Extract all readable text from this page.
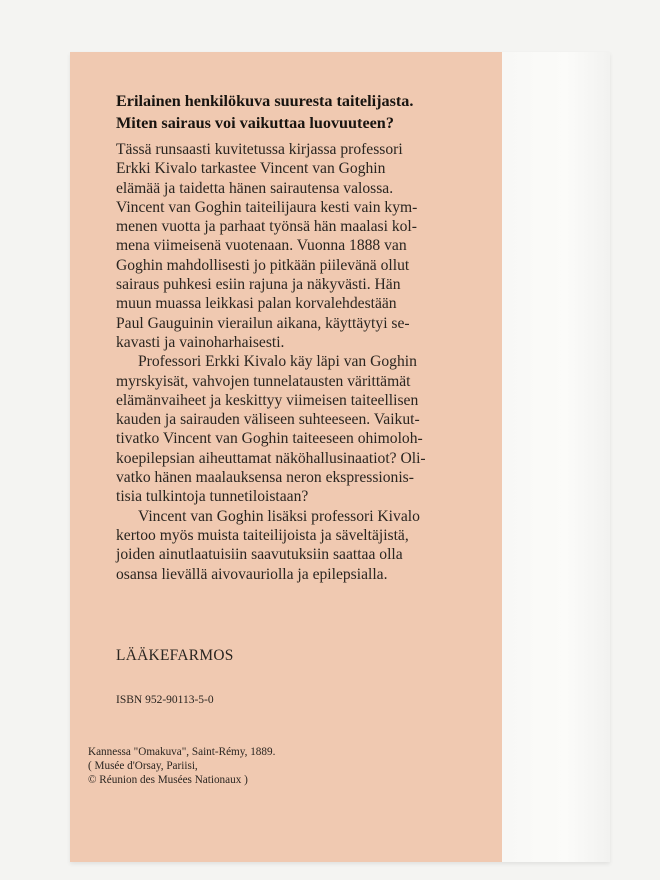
Erilainen henkilökuva suuresta taitelijasta.
Miten sairaus voi vaikuttaa luovuuteen?

Tässä runsaasti kuvitetussa kirjassa professori
Erkki Kivalo tarkastee Vincent van Goghin
elämää ja taidetta hänen sairautensa valossa.
Vincent van Goghin taiteilijaura kesti vain kym-
menen vuotta ja parhaat työnsä hän maalasi kol-
mena viimeisenä vuotenaan. Vuonna 1888 van
Goghin mahdollisesti jo pitkään piilevänä ollut
sairaus puhkesi esiin rajuna ja näkyvästi. Hän
muun muassa leikkasi palan korvalehdestään
Paul Gauguinin vierailun aikana, käyttäytyi se-
kavasti ja vainoharhaisesti.

Professori Erkki Kivalo käy läpi van Goghin
myrskyisät, vahvojen tunnelatausten värittämät
elämänvaiheet ja keskittyy viimeisen taiteellisen
kauden ja sairauden väliseen suhteeseen. Vaikut-
tivatko Vincent van Goghin taiteeseen ohimoloh-
koepilepsian aiheuttamat näköhallusinaatiot? Oli-
vatko hänen maalauksensa neron ekspressionis-
tisia tulkintoja tunnetiloistaan?

Vincent van Goghin lisäksi professori Kivalo
kertoo myös muista taiteilijoista ja säveltäjistä,
joiden ainutlaatuisiin saavutuksiin saattaa olla
osansa lievällä aivovauriolla ja epilepsialla.

LÄÄKEFARMOS
ISBN 952-90113-5-0
Kannessa "Omakuva", Saint-Rémy, 1889.
( Musée d'Orsay, Pariisi,
© Réunion des Musées Nationaux )
